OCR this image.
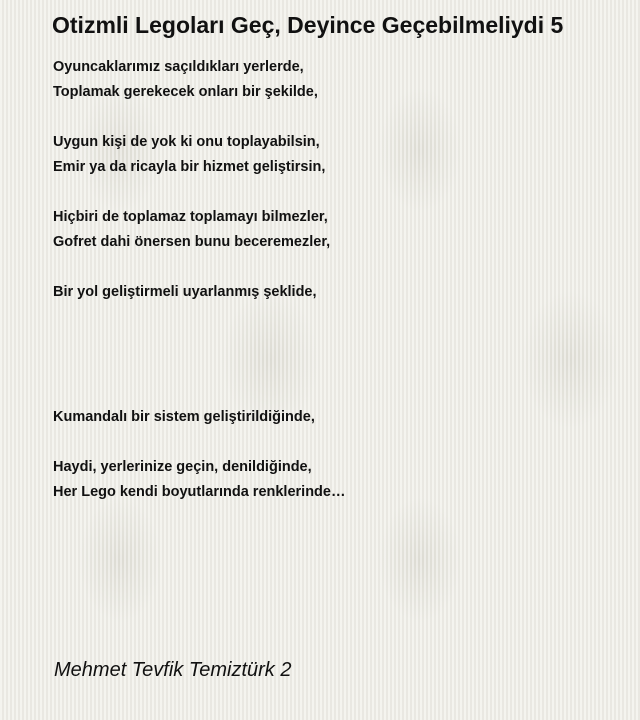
Otizmli Legoları Geç, Deyince Geçebilmeliydi 5
Oyuncaklarımız saçıldıkları yerlerde,
Toplamak gerekecek onları bir şekilde,
Uygun kişi de yok ki onu toplayabilsin,
Emir ya da ricayla bir hizmet geliştirsin,
Hiçbiri de toplamaz toplamayı bilmezler,
Gofret dahi önersen bunu beceremezler,
Bir yol geliştirmeli uyarlanmış şeklide,
Kumandalı bir sistem geliştirildiğinde,
Haydi, yerlerinize geçin, denildiğinde,
Her Lego kendi boyutlarında renklerinde…
Mehmet Tevfik Temiztürk 2
